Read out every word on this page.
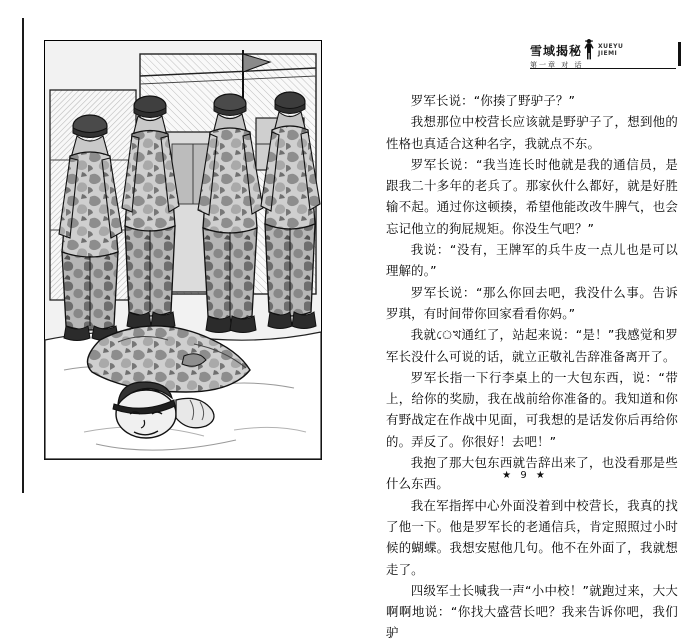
雪域揭秘	XUEYU
JIEMI
第一章 对 话

罗军长说：“你揍了野驴子？”

我想那位中校营长应该就是野驴子了，想到他的性格也真适合这种名字，我就点不东。

罗军长说：“我当连长时他就是我的通信员，是跟我二十多年的老兵了。那家伙什么都好，就是好胜输不起。通过你这顿揍，希望他能改改牛脾气，也会忘记他立的狗屁规矩。你没生气吧？”

我说：“没有，王牌军的兵牛皮一点儿也是可以理解的。”

罗军长说：“那么你回去吧，我没什么事。告诉罗琪，有时间带你回家看看你妈。”

我就েখ通红了，站起来说：“是！”我感觉和罗军长没什么可说的话，就立正敬礼告辞准备离开了。

罗军长指一下行李桌上的一大包东西，说：“带上，给你的奖励，我在战前给你准备的。我知道和你有野战定在作战中见面，可我想的是话发你后再给你的。弄反了。你很好！去吧！”

我抱了那大包东西就告辞出来了，也没看那是些什么东西。

我在军指挥中心外面没着到中校营长，我真的找了他一下。他是罗军长的老通信兵，肯定照照过小时候的蝴蝶。我想安慰他几句。他不在外面了，我就想走了。

四级军士长喊我一声“小中校！”就跑过来，大大啊啊地说：“你找大盛营长吧？我来告诉你吧，我们驴

★ 9 ★
